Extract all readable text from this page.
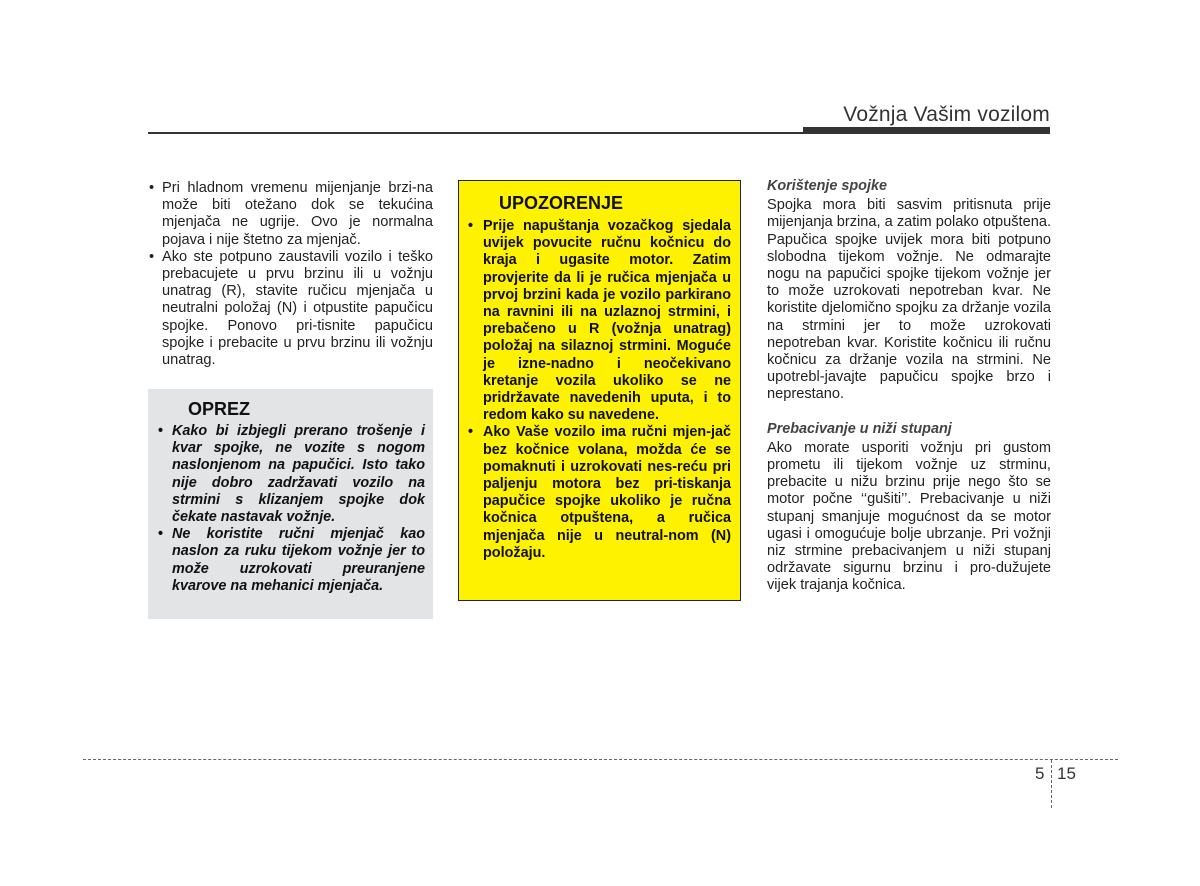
Vožnja Vašim vozilom
• Pri hladnom vremenu mijenjanje brzi-na može biti otežano dok se tekućina mjenjača ne ugrije. Ovo je normalna pojava i nije štetno za mjenjač.
• Ako ste potpuno zaustavili vozilo i teško prebacujete u prvu brzinu ili u vožnju unatrag (R), stavite ručicu mjenjača u neutralni položaj (N) i otpustite papučicu spojke. Ponovo pri-tisnite papučicu spojke i prebacite u prvu brzinu ili vožnju unatrag.
OPREZ
• Kako bi izbjegli prerano trošenje i kvar spojke, ne vozite s nogom naslonjenom na papučici. Isto tako nije dobro zadržavati vozilo na strmini s klizanjem spojke dok čekate nastavak vožnje.
• Ne koristite ručni mjenjač kao naslon za ruku tijekom vožnje jer to može uzrokovati preuranjene kvarove na mehanici mjenjača.
UPOZORENJE
• Prije napuštanja vozačkog sjedala uvijek povucite ručnu kočnicu do kraja i ugasite motor. Zatim provjerite da li je ručica mjenjača u prvoj brzini kada je vozilo parkirano na ravnini ili na uzlaznoj strmini, i prebačeno u R (vožnja unatrag) položaj na silaznoj strmini. Moguće je izne-nadno i neočekivano kretanje vozila ukoliko se ne pridržavate navedenih uputa, i to redom kako su navedene.
• Ako Vaše vozilo ima ručni mjen-jač bez kočnice volana, možda će se pomaknuti i uzrokovati nes-reću pri paljenju motora bez pri-tiskanja papučice spojke ukoliko je ručna kočnica otpuštena, a ručica mjenjača nije u neutral-nom (N) položaju.

Korištenje spojke

Spojka mora biti sasvim pritisnuta prije mijenjanja brzina, a zatim polako otpuštena. Papučica spojke uvijek mora biti potpuno slobodna tijekom vožnje. Ne odmarajte nogu na papučici spojke tijekom vožnje jer to može uzrokovati nepotreban kvar. Ne koristite djelomično spojku za držanje vozila na strmini jer to može uzrokovati nepotreban kvar. Koristite kočnicu ili ručnu kočnicu za držanje vozila na strmini. Ne upotrebl-javajte papučicu spojke brzo i neprestano.

Prebacivanje u niži stupanj

Ako morate usporiti vožnju pri gustom prometu ili tijekom vožnje uz strminu, prebacite u nižu brzinu prije nego što se motor počne ‘‘gušiti’’. Prebacivanje u niži stupanj smanjuje mogućnost da se motor ugasi i omogućuje bolje ubrzanje. Pri vožnji niz strmine prebacivanjem u niži stupanj održavate sigurnu brzinu i pro-dužujete vijek trajanja kočnica.

5 15
